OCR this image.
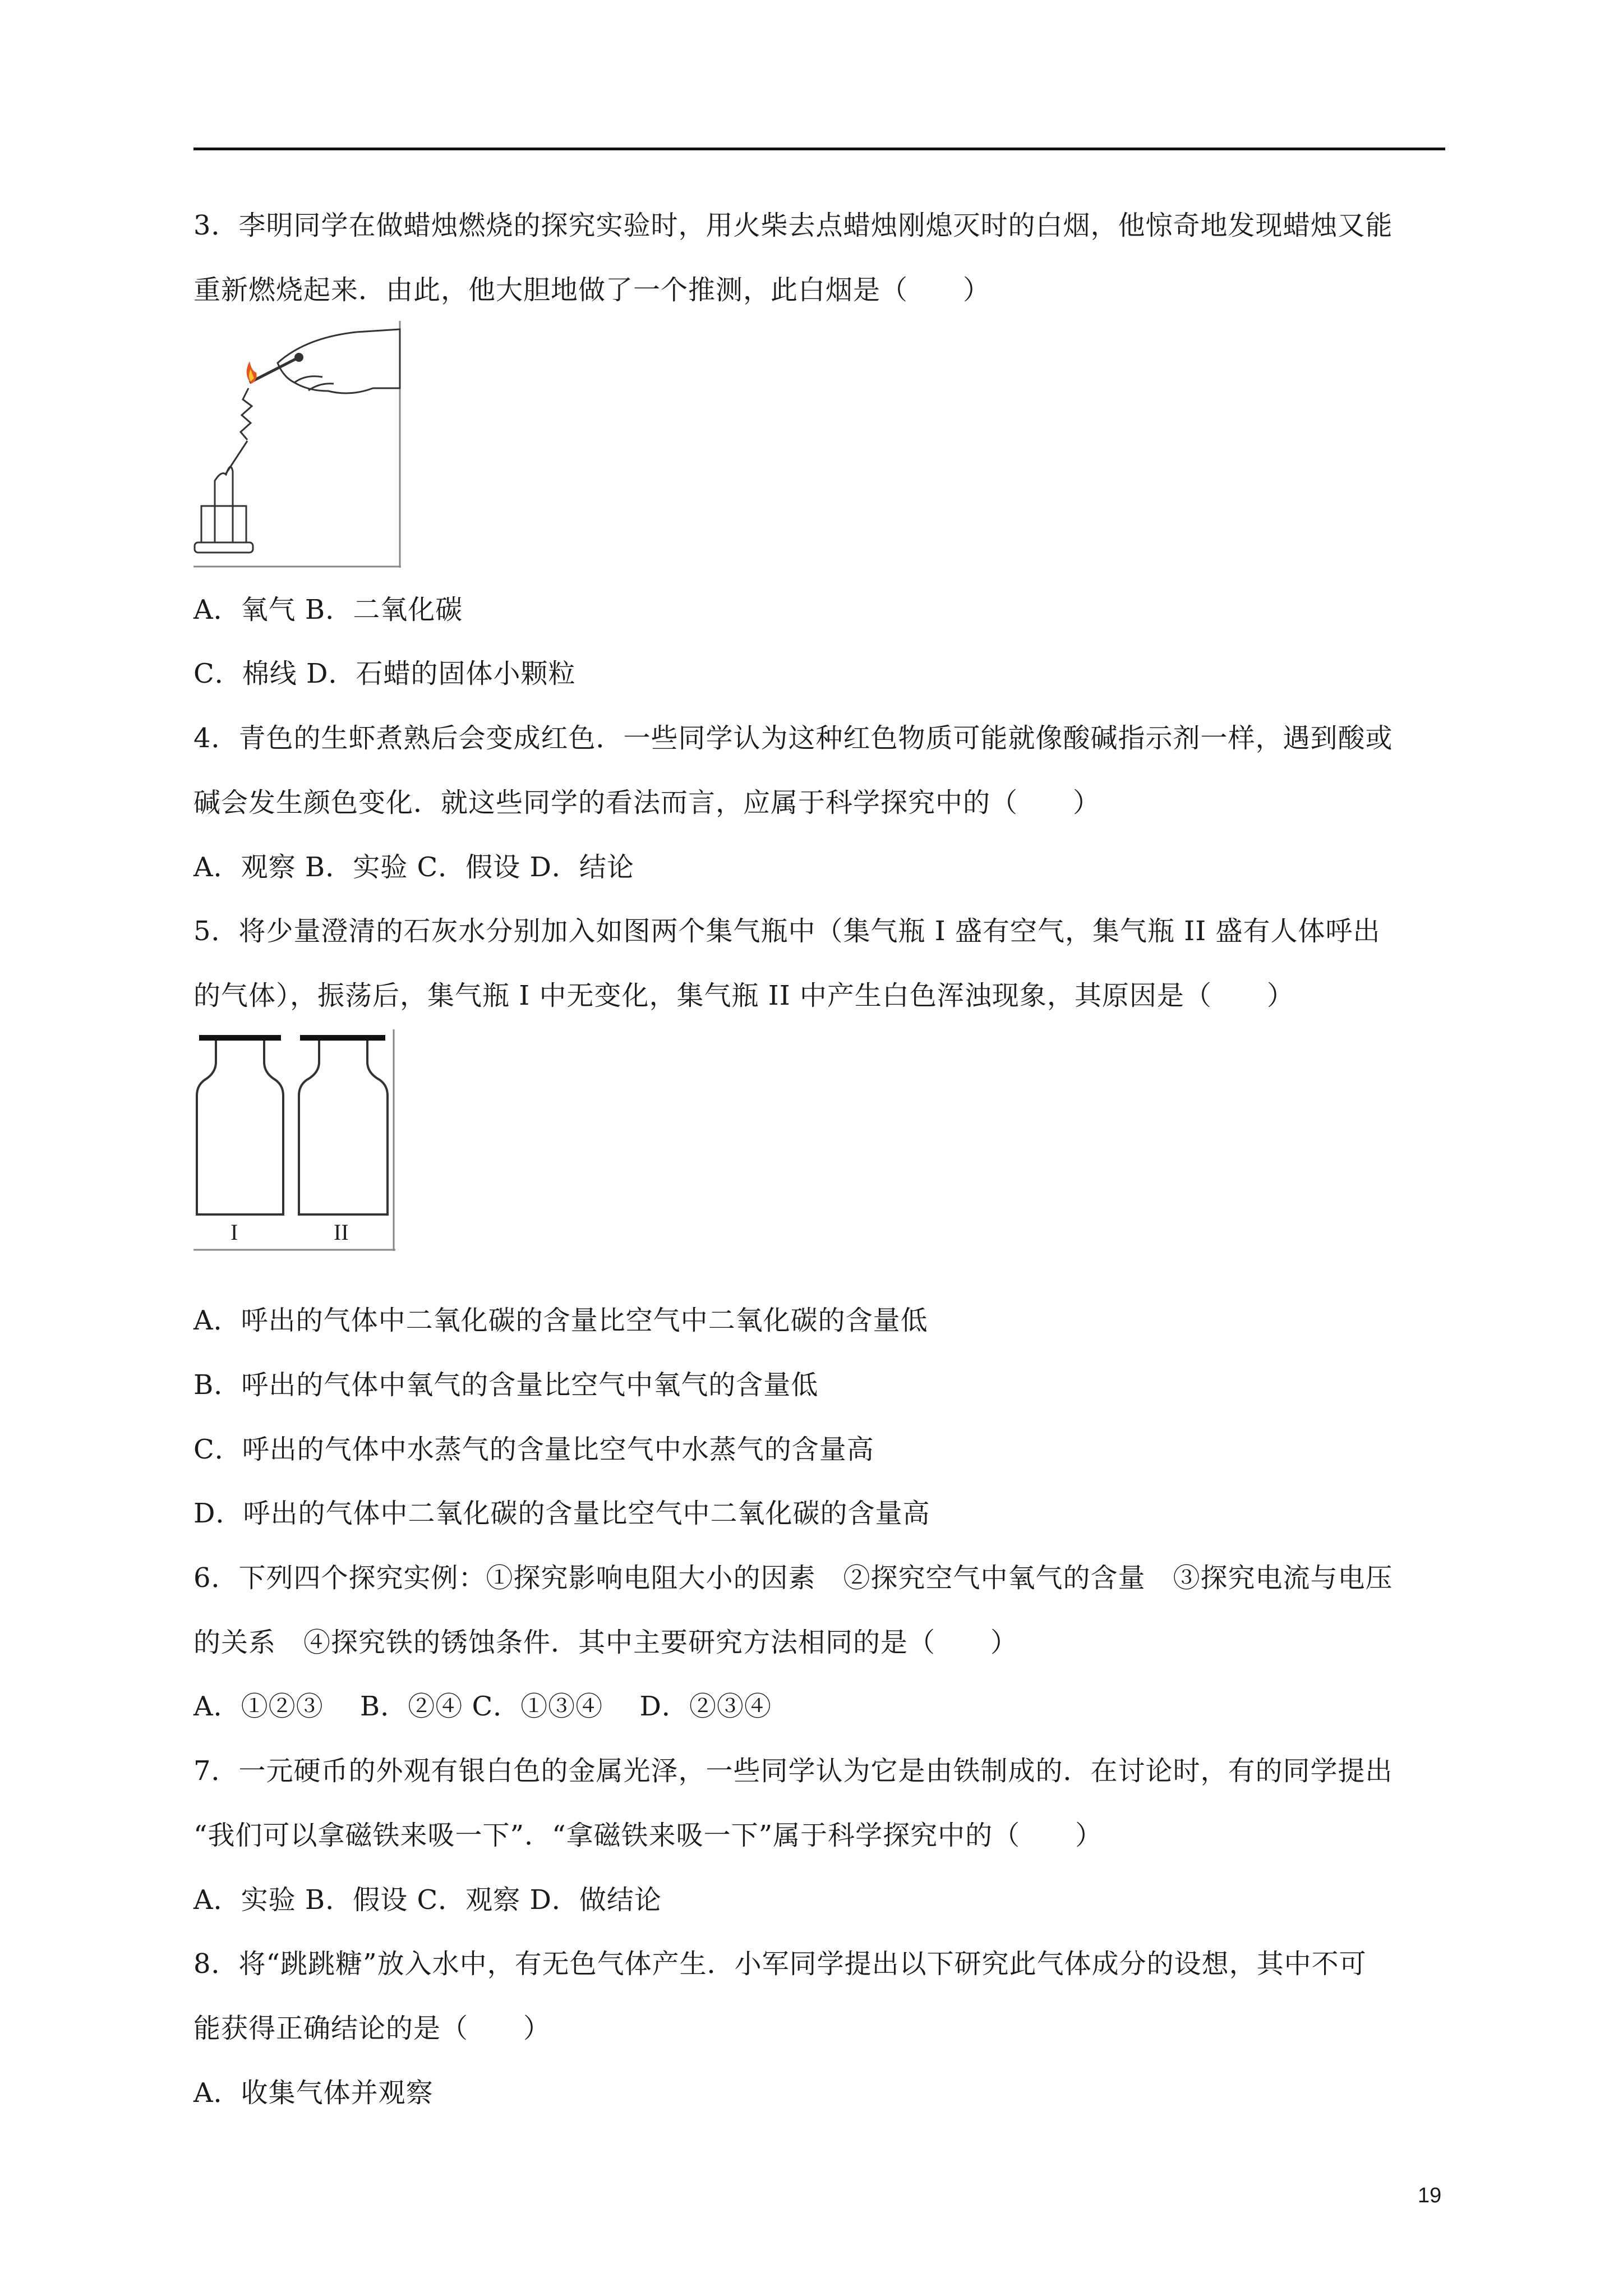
3．李明同学在做蜡烛燃烧的探究实验时，用火柴去点蜡烛刚熄灭时的白烟，他惊奇地发现蜡烛又能
重新燃烧起来．由此，他大胆地做了一个推测，此白烟是（　　）
A．氧气 B．二氧化碳
C．棉线 D．石蜡的固体小颗粒
4．青色的生虾煮熟后会变成红色．一些同学认为这种红色物质可能就像酸碱指示剂一样，遇到酸或
碱会发生颜色变化．就这些同学的看法而言，应属于科学探究中的（　　）
A．观察 B．实验 C．假设 D．结论
5．将少量澄清的石灰水分别加入如图两个集气瓶中（集气瓶 I 盛有空气，集气瓶 II 盛有人体呼出
的气体），振荡后，集气瓶 I 中无变化，集气瓶 II 中产生白色浑浊现象，其原因是（　　）
I	II
A．呼出的气体中二氧化碳的含量比空气中二氧化碳的含量低
B．呼出的气体中氧气的含量比空气中氧气的含量低
C．呼出的气体中水蒸气的含量比空气中水蒸气的含量高
D．呼出的气体中二氧化碳的含量比空气中二氧化碳的含量高
6．下列四个探究实例：①探究影响电阻大小的因素　②探究空气中氧气的含量　③探究电流与电压
的关系　④探究铁的锈蚀条件．其中主要研究方法相同的是（　　）
A．①②③　 B．②④ C．①③④　 D．②③④
7．一元硬币的外观有银白色的金属光泽，一些同学认为它是由铁制成的．在讨论时，有的同学提出
“我们可以拿磁铁来吸一下”．“拿磁铁来吸一下”属于科学探究中的（　　）
A．实验 B．假设 C．观察 D．做结论
8．将“跳跳糖”放入水中，有无色气体产生．小军同学提出以下研究此气体成分的设想，其中不可
能获得正确结论的是（　　）
A．收集气体并观察
19
